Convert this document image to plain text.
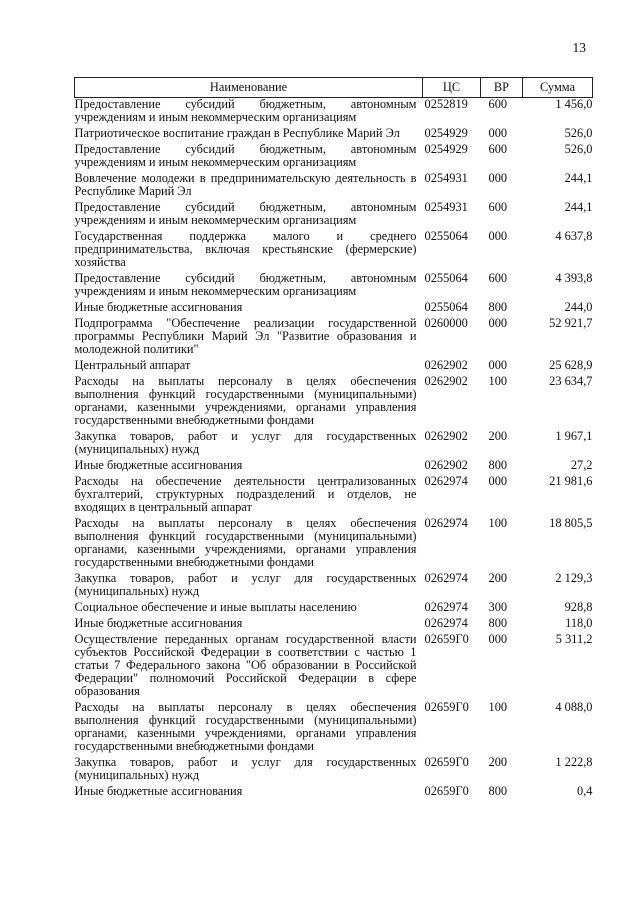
13
Наименование	ЦС	ВР	Сумма
Предоставление субсидий бюджетным, автономным учреждениям и иным некоммерческим организациям	0252819	600	1 456,0
Патриотическое воспитание граждан в Республике Марий Эл	0254929	000	526,0
Предоставление субсидий бюджетным, автономным учреждениям и иным некоммерческим организациям	0254929	600	526,0
Вовлечение молодежи в предпринимательскую деятельность в Республике Марий Эл	0254931	000	244,1
Предоставление субсидий бюджетным, автономным учреждениям и иным некоммерческим организациям	0254931	600	244,1
Государственная поддержка малого и среднего предпринимательства, включая крестьянские (фермерские) хозяйства	0255064	000	4 637,8
Предоставление субсидий бюджетным, автономным учреждениям и иным некоммерческим организациям	0255064	600	4 393,8
Иные бюджетные ассигнования	0255064	800	244,0
Подпрограмма "Обеспечение реализации государственной программы Республики Марий Эл "Развитие образования и молодежной политики"	0260000	000	52 921,7
Центральный аппарат	0262902	000	25 628,9
Расходы на выплаты персоналу в целях обеспечения выполнения функций государственными (муниципальными) органами, казенными учреждениями, органами управления государственными внебюджетными фондами	0262902	100	23 634,7
Закупка товаров, работ и услуг для государственных (муниципальных) нужд	0262902	200	1 967,1
Иные бюджетные ассигнования	0262902	800	27,2
Расходы на обеспечение деятельности централизованных бухгалтерий, структурных подразделений и отделов, не входящих в центральный аппарат	0262974	000	21 981,6
Расходы на выплаты персоналу в целях обеспечения выполнения функций государственными (муниципальными) органами, казенными учреждениями, органами управления государственными внебюджетными фондами	0262974	100	18 805,5
Закупка товаров, работ и услуг для государственных (муниципальных) нужд	0262974	200	2 129,3
Социальное обеспечение и иные выплаты населению	0262974	300	928,8
Иные бюджетные ассигнования	0262974	800	118,0
Осуществление переданных органам государственной власти субъектов Российской Федерации в соответствии с частью 1 статьи 7 Федерального закона "Об образовании в Российской Федерации" полномочий Российской Федерации в сфере образования	02659Г0	000	5 311,2
Расходы на выплаты персоналу в целях обеспечения выполнения функций государственными (муниципальными) органами, казенными учреждениями, органами управления государственными внебюджетными фондами	02659Г0	100	4 088,0
Закупка товаров, работ и услуг для государственных (муниципальных) нужд	02659Г0	200	1 222,8
Иные бюджетные ассигнования	02659Г0	800	0,4
